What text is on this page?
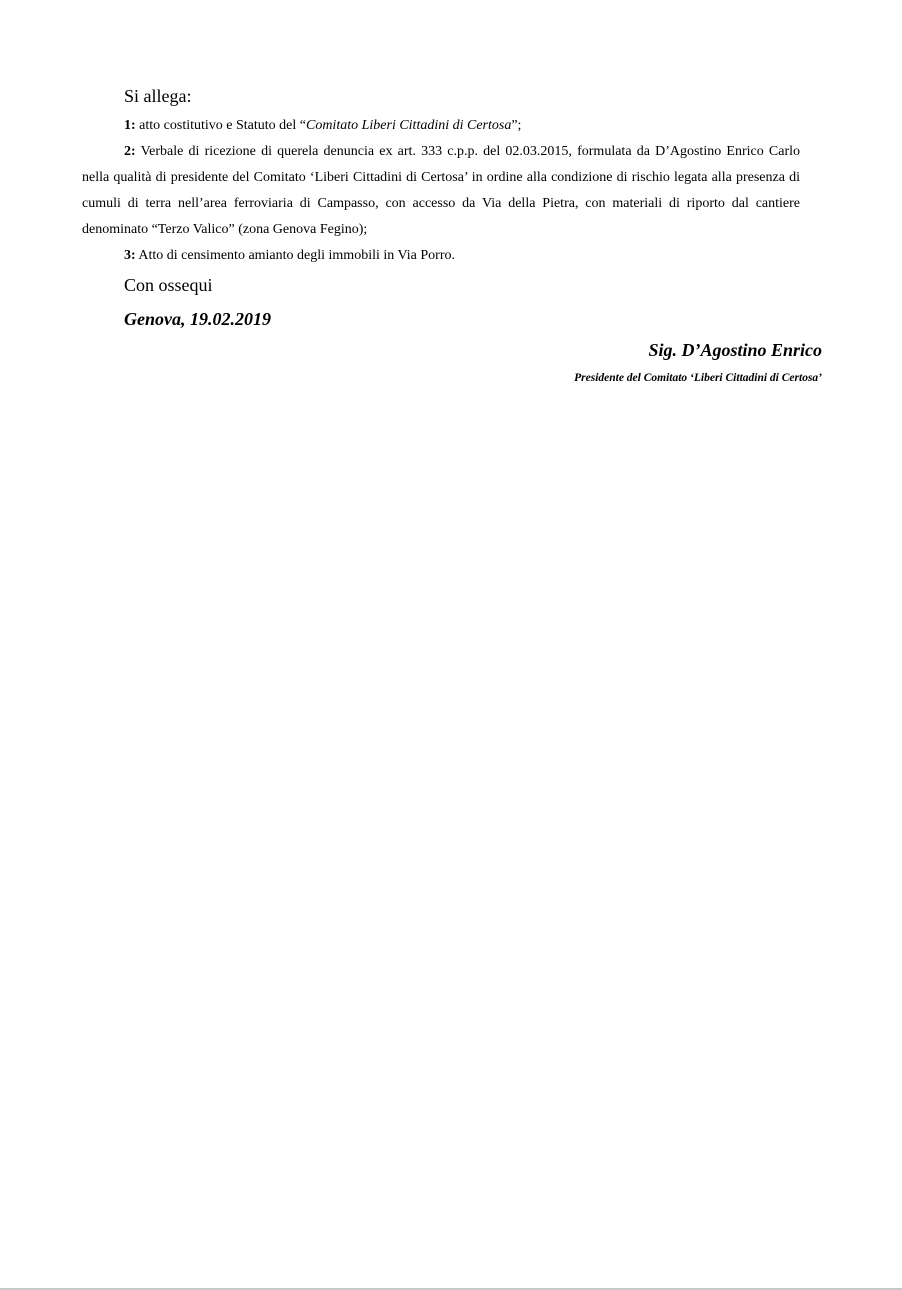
Si allega:

1: atto costitutivo e Statuto del “Comitato Liberi Cittadini di Certosa”;

2: Verbale di ricezione di querela denuncia ex art. 333 c.p.p. del 02.03.2015, formulata da D’Agostino Enrico Carlo nella qualità di presidente del Comitato ‘Liberi Cittadini di Certosa’ in ordine alla condizione di rischio legata alla presenza di cumuli di terra nell’area ferroviaria di Campasso, con accesso da Via della Pietra, con materiali di riporto dal cantiere denominato “Terzo Valico” (zona Genova Fegino);

3: Atto di censimento amianto degli immobili in Via Porro.

Con ossequi

Genova, 19.02.2019

Sig. D’Agostino Enrico

Presidente del Comitato ‘Liberi Cittadini di Certosa’
